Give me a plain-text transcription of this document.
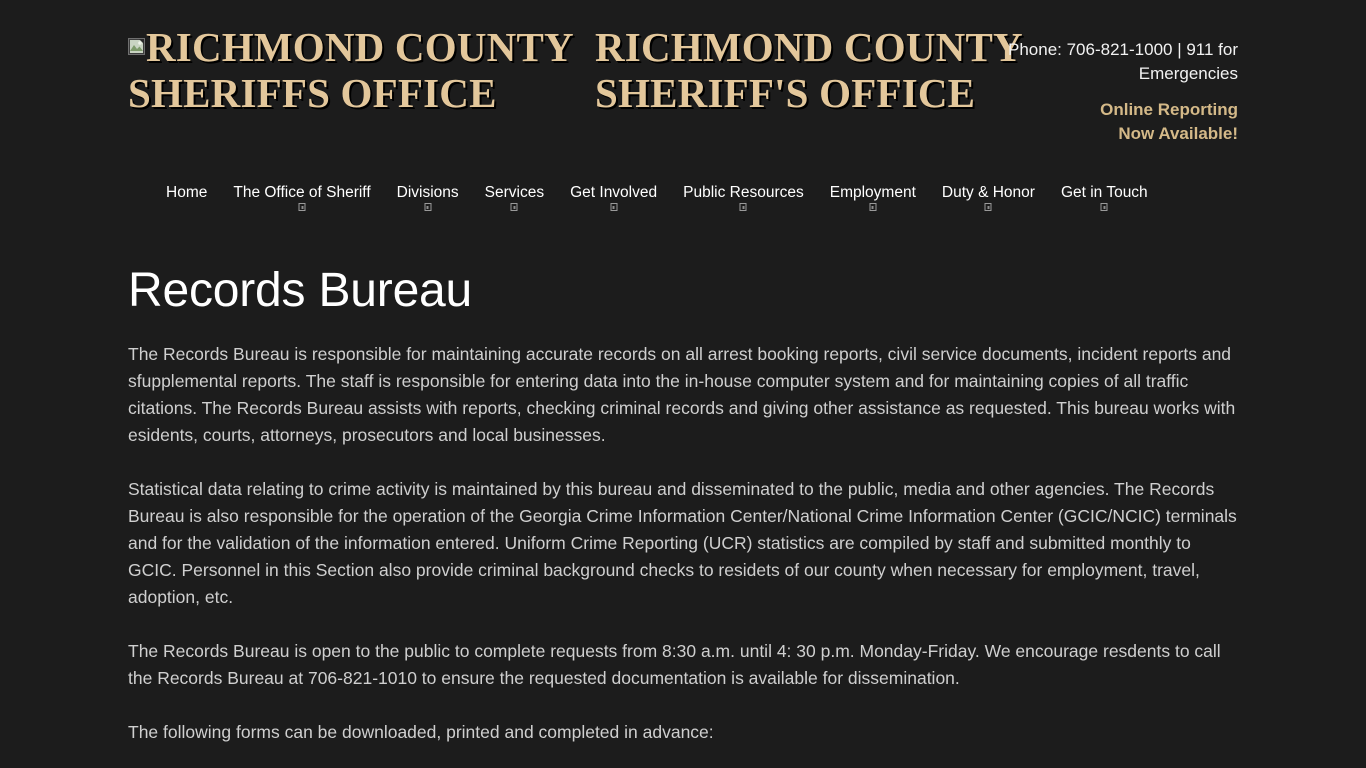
RICHMOND COUNTY SHERIFFS OFFICE
RICHMOND COUNTY SHERIFF'S OFFICE
Phone: 706-821-1000 | 911 for Emergencies
Online Reporting
Now Available!
Home The Office of Sheriff Divisions Services Get Involved Public Resources Employment Duty & Honor Get in Touch
Records Bureau

The Records Bureau is responsible for maintaining accurate records on all arrest booking reports, civil service documents, incident reports and sfupplemental reports. The staff is responsible for entering data into the in-house computer system and for maintaining copies of all traffic citations. The Records Bureau assists with reports, checking criminal records and giving other assistance as requested. This bureau works with esidents, courts, attorneys, prosecutors and local businesses.

Statistical data relating to crime activity is maintained by this bureau and disseminated to the public, media and other agencies. The Records Bureau is also responsible for the operation of the Georgia Crime Information Center/National Crime Information Center (GCIC/NCIC) terminals and for the validation of the information entered. Uniform Crime Reporting (UCR) statistics are compiled by staff and submitted monthly to GCIC. Personnel in this Section also provide criminal background checks to residets of our county when necessary for employment, travel, adoption, etc.

The Records Bureau is open to the public to complete requests from 8:30 a.m. until 4: 30 p.m. Monday-Friday. We encourage resdents to call the Records Bureau at 706-821-1010 to ensure the requested documentation is available for dissemination.

The following forms can be downloaded, printed and completed in advance:
